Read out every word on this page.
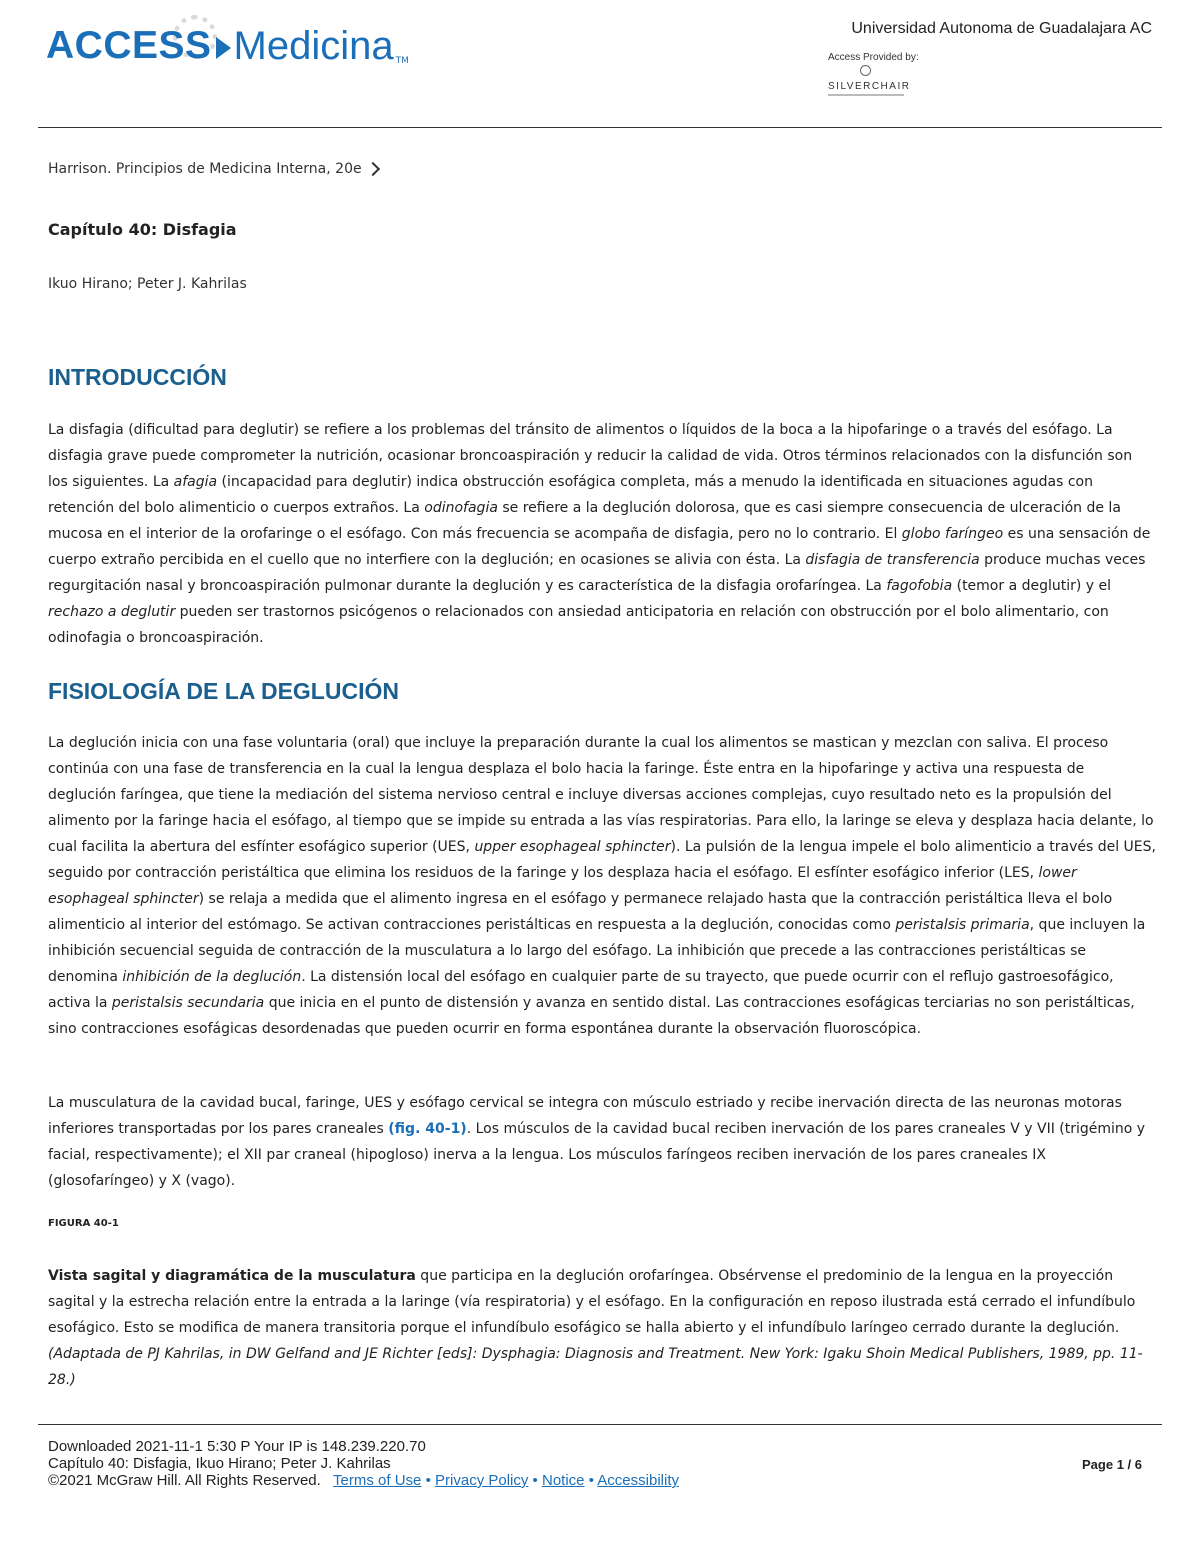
ACCESS Medicina TM
Universidad Autonoma de Guadalajara AC
Access Provided by:
SILVERCHAIR
Harrison. Principios de Medicina Interna, 20e
Capítulo 40: Disfagia
Ikuo Hirano; Peter J. Kahrilas
INTRODUCCIÓN

La disfagia (dificultad para deglutir) se refiere a los problemas del tránsito de alimentos o líquidos de la boca a la hipofaringe o a través del esófago. La disfagia grave puede comprometer la nutrición, ocasionar broncoaspiración y reducir la calidad de vida. Otros términos relacionados con la disfunción son los siguientes. La afagia (incapacidad para deglutir) indica obstrucción esofágica completa, más a menudo la identificada en situaciones agudas con retención del bolo alimenticio o cuerpos extraños. La odinofagia se refiere a la deglución dolorosa, que es casi siempre consecuencia de ulceración de la mucosa en el interior de la orofaringe o el esófago. Con más frecuencia se acompaña de disfagia, pero no lo contrario. El globo faríngeo es una sensación de cuerpo extraño percibida en el cuello que no interfiere con la deglución; en ocasiones se alivia con ésta. La disfagia de transferencia produce muchas veces regurgitación nasal y broncoaspiración pulmonar durante la deglución y es característica de la disfagia orofaríngea. La fagofobia (temor a deglutir) y el rechazo a deglutir pueden ser trastornos psicógenos o relacionados con ansiedad anticipatoria en relación con obstrucción por el bolo alimentario, con odinofagia o broncoaspiración.

FISIOLOGÍA DE LA DEGLUCIÓN

La deglución inicia con una fase voluntaria (oral) que incluye la preparación durante la cual los alimentos se mastican y mezclan con saliva. El proceso continúa con una fase de transferencia en la cual la lengua desplaza el bolo hacia la faringe. Éste entra en la hipofaringe y activa una respuesta de deglución faríngea, que tiene la mediación del sistema nervioso central e incluye diversas acciones complejas, cuyo resultado neto es la propulsión del alimento por la faringe hacia el esófago, al tiempo que se impide su entrada a las vías respiratorias. Para ello, la laringe se eleva y desplaza hacia delante, lo cual facilita la abertura del esfínter esofágico superior (UES, upper esophageal sphincter). La pulsión de la lengua impele el bolo alimenticio a través del UES, seguido por contracción peristáltica que elimina los residuos de la faringe y los desplaza hacia el esófago. El esfínter esofágico inferior (LES, lower esophageal sphincter) se relaja a medida que el alimento ingresa en el esófago y permanece relajado hasta que la contracción peristáltica lleva el bolo alimenticio al interior del estómago. Se activan contracciones peristálticas en respuesta a la deglución, conocidas como peristalsis primaria, que incluyen la inhibición secuencial seguida de contracción de la musculatura a lo largo del esófago. La inhibición que precede a las contracciones peristálticas se denomina inhibición de la deglución. La distensión local del esófago en cualquier parte de su trayecto, que puede ocurrir con el reflujo gastroesofágico, activa la peristalsis secundaria que inicia en el punto de distensión y avanza en sentido distal. Las contracciones esofágicas terciarias no son peristálticas, sino contracciones esofágicas desordenadas que pueden ocurrir en forma espontánea durante la observación fluoroscópica.

La musculatura de la cavidad bucal, faringe, UES y esófago cervical se integra con músculo estriado y recibe inervación directa de las neuronas motoras inferiores transportadas por los pares craneales (fig. 40-1). Los músculos de la cavidad bucal reciben inervación de los pares craneales V y VII (trigémino y facial, respectivamente); el XII par craneal (hipogloso) inerva a la lengua. Los músculos faríngeos reciben inervación de los pares craneales IX (glosofaríngeo) y X (vago).

FIGURA 40-1

Vista sagital y diagramática de la musculatura que participa en la deglución orofaríngea. Obsérvense el predominio de la lengua en la proyección sagital y la estrecha relación entre la entrada a la laringe (vía respiratoria) y el esófago. En la configuración en reposo ilustrada está cerrado el infundíbulo esofágico. Esto se modifica de manera transitoria porque el infundíbulo esofágico se halla abierto y el infundíbulo laríngeo cerrado durante la deglución. (Adaptada de PJ Kahrilas, in DW Gelfand and JE Richter [eds]: Dysphagia: Diagnosis and Treatment. New York: Igaku Shoin Medical Publishers, 1989, pp. 11-28.)

Downloaded 2021-11-1 5:30 P Your IP is 148.239.220.70
Capítulo 40: Disfagia, Ikuo Hirano; Peter J. Kahrilas
©2021 McGraw Hill. All Rights Reserved. Terms of Use • Privacy Policy • Notice • Accessibility
Page 1 / 6
